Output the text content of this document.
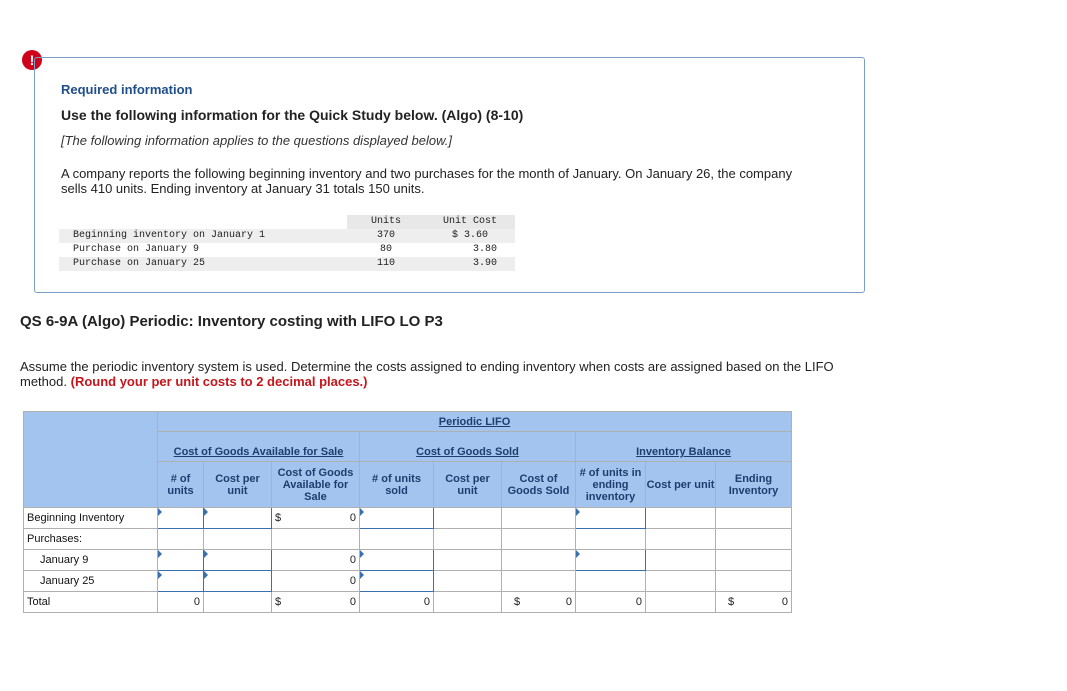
!
Required information
Use the following information for the Quick Study below. (Algo) (8-10)
[The following information applies to the questions displayed below.]
A company reports the following beginning inventory and two purchases for the month of January. On January 26, the company sells 410 units. Ending inventory at January 31 totals 150 units.
	Units	Unit Cost
Beginning inventory on January 1	370	$ 3.60
Purchase on January 9	80	3.80
Purchase on January 25	110	3.90
QS 6-9A (Algo) Periodic: Inventory costing with LIFO LO P3
Assume the periodic inventory system is used. Determine the costs assigned to ending inventory when costs are assigned based on the LIFO method. (Round your per unit costs to 2 decimal places.)
	Periodic LIFO								
	Cost of Goods Available for Sale			Cost of Goods Sold			Inventory Balance		
	# of units	Cost per unit	Cost of Goods Available for Sale	# of units sold	Cost per unit	Cost of Goods Sold	# of units in ending inventory	Cost per unit	Ending Inventory
Beginning Inventory			$ 0						

Purchases:									
January 9			0						
January 25			0						
Total	0		$ 0	0		$ 0	0		$ 0
